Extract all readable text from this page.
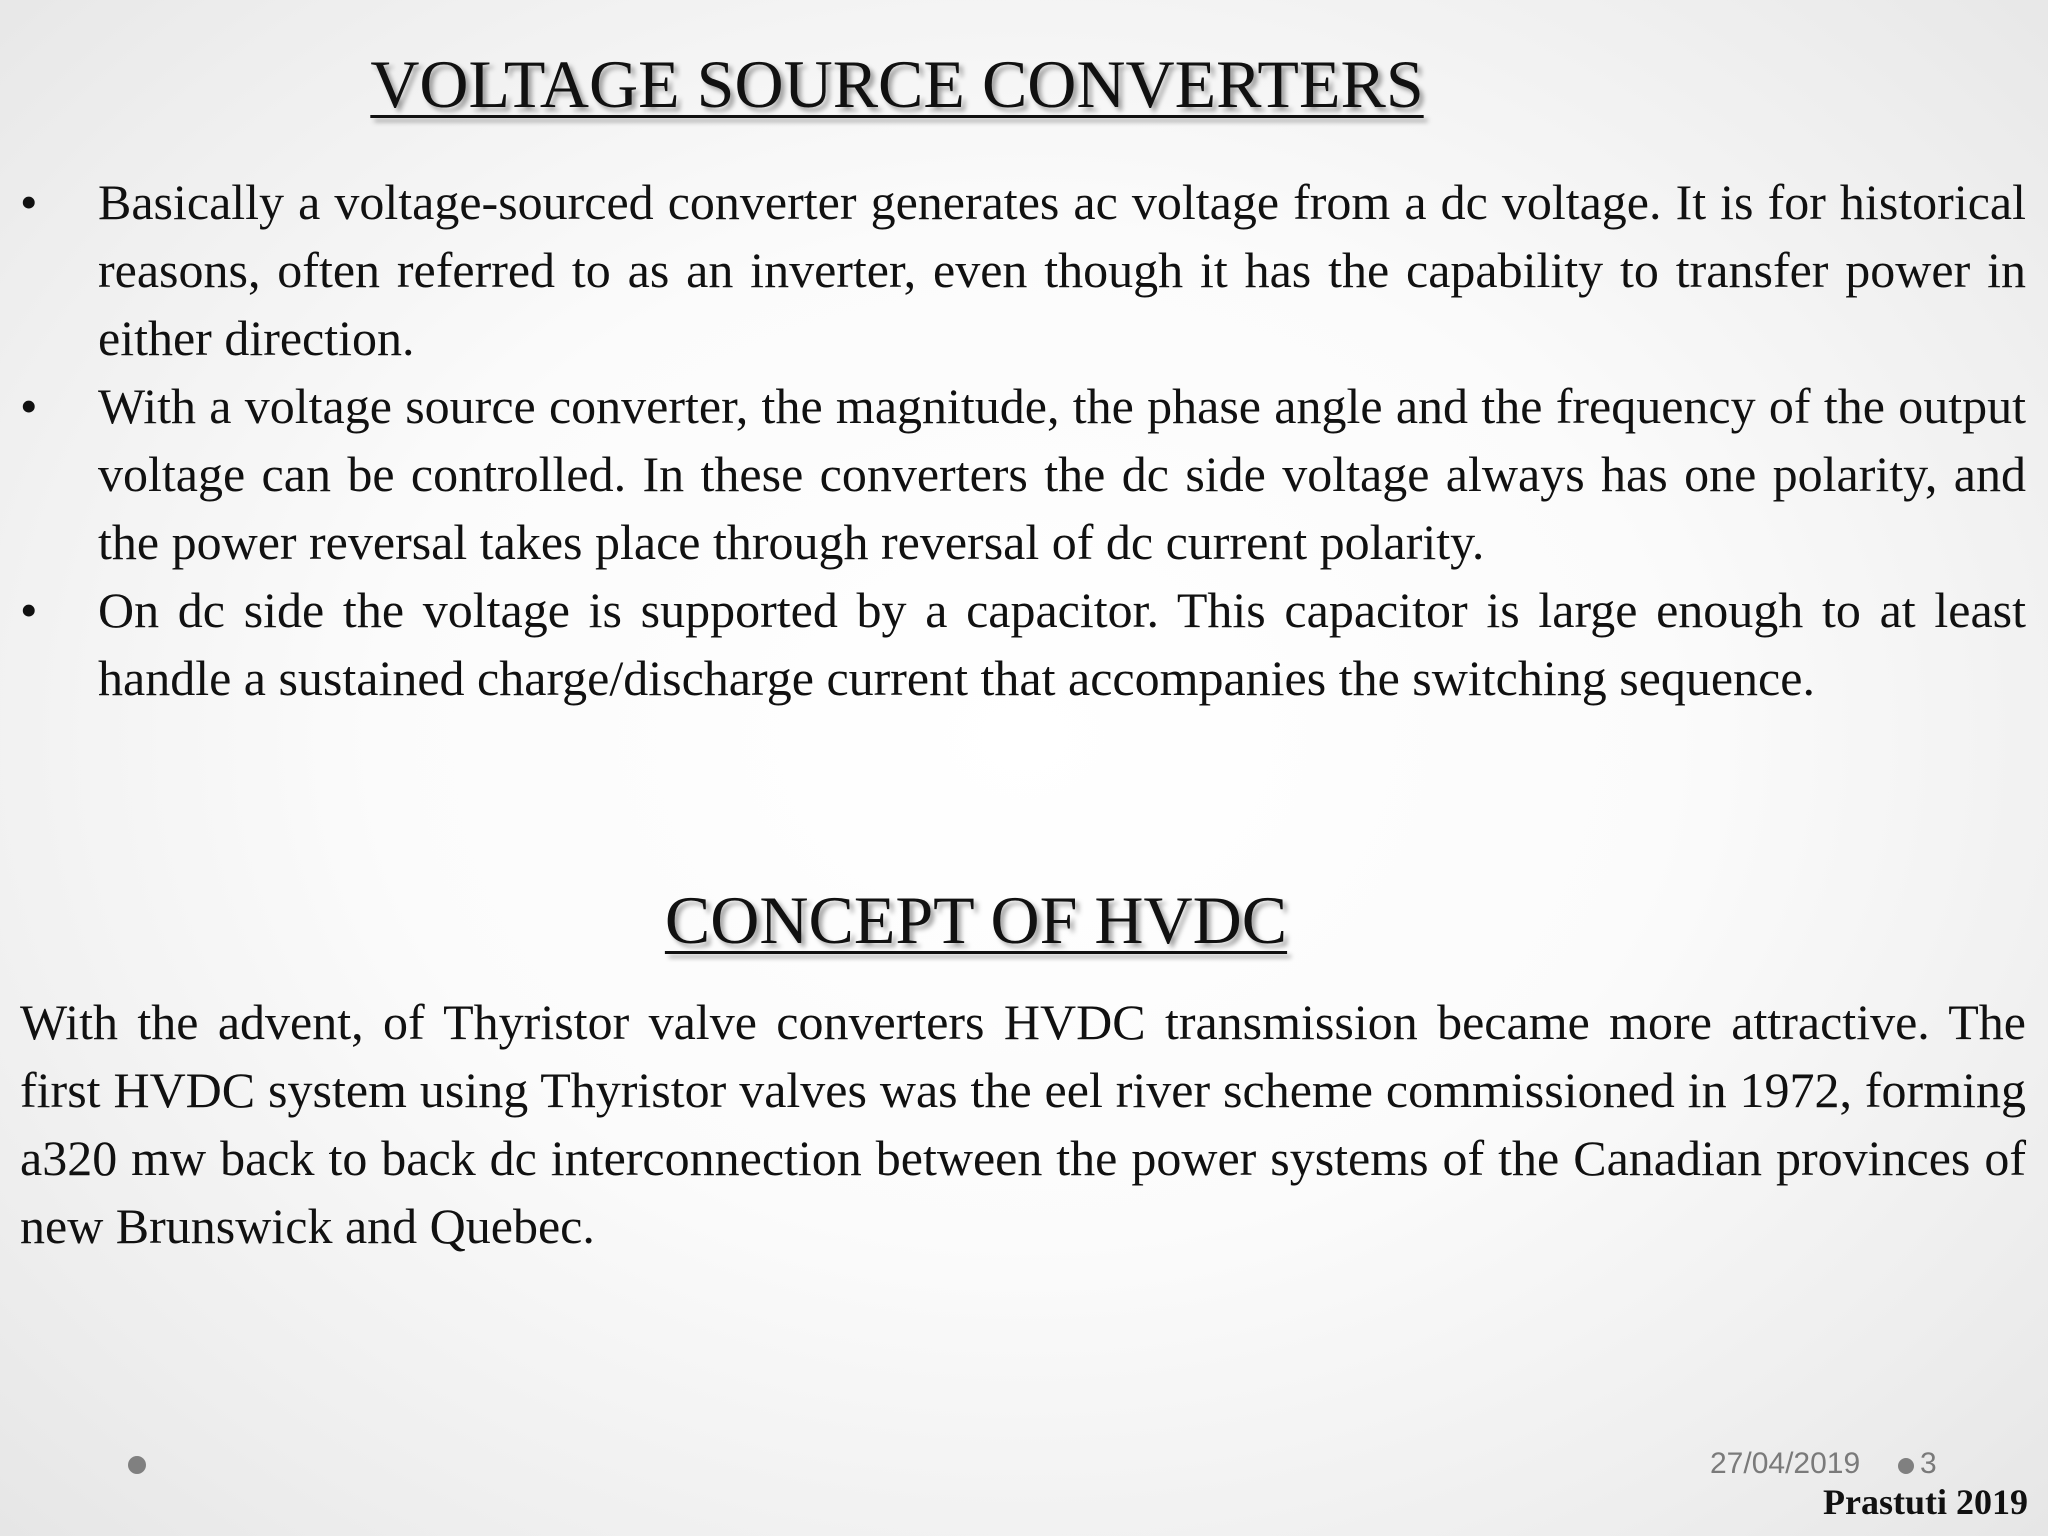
VOLTAGE SOURCE CONVERTERS
•	Basically a voltage-sourced converter generates ac voltage from a dc voltage. It is for historical reasons, often referred to as an inverter, even though it has the capability to transfer power in either direction.
•	With a voltage source converter, the magnitude, the phase angle and the frequency of the output voltage can be controlled. In these converters the dc side voltage always has one polarity, and the power reversal takes place through reversal of dc current polarity.
•	On dc side the voltage is supported by a capacitor. This capacitor is large enough to at least handle a sustained charge/discharge current that accompanies the switching sequence.
CONCEPT OF HVDC

With the advent, of Thyristor valve converters HVDC transmission became more attractive. The first HVDC system using Thyristor valves was the eel river scheme commissioned in 1972, forming a320 mw back to back dc interconnection between the power systems of the Canadian provinces of new Brunswick and Quebec.

27/04/2019 3
Prastuti 2019
